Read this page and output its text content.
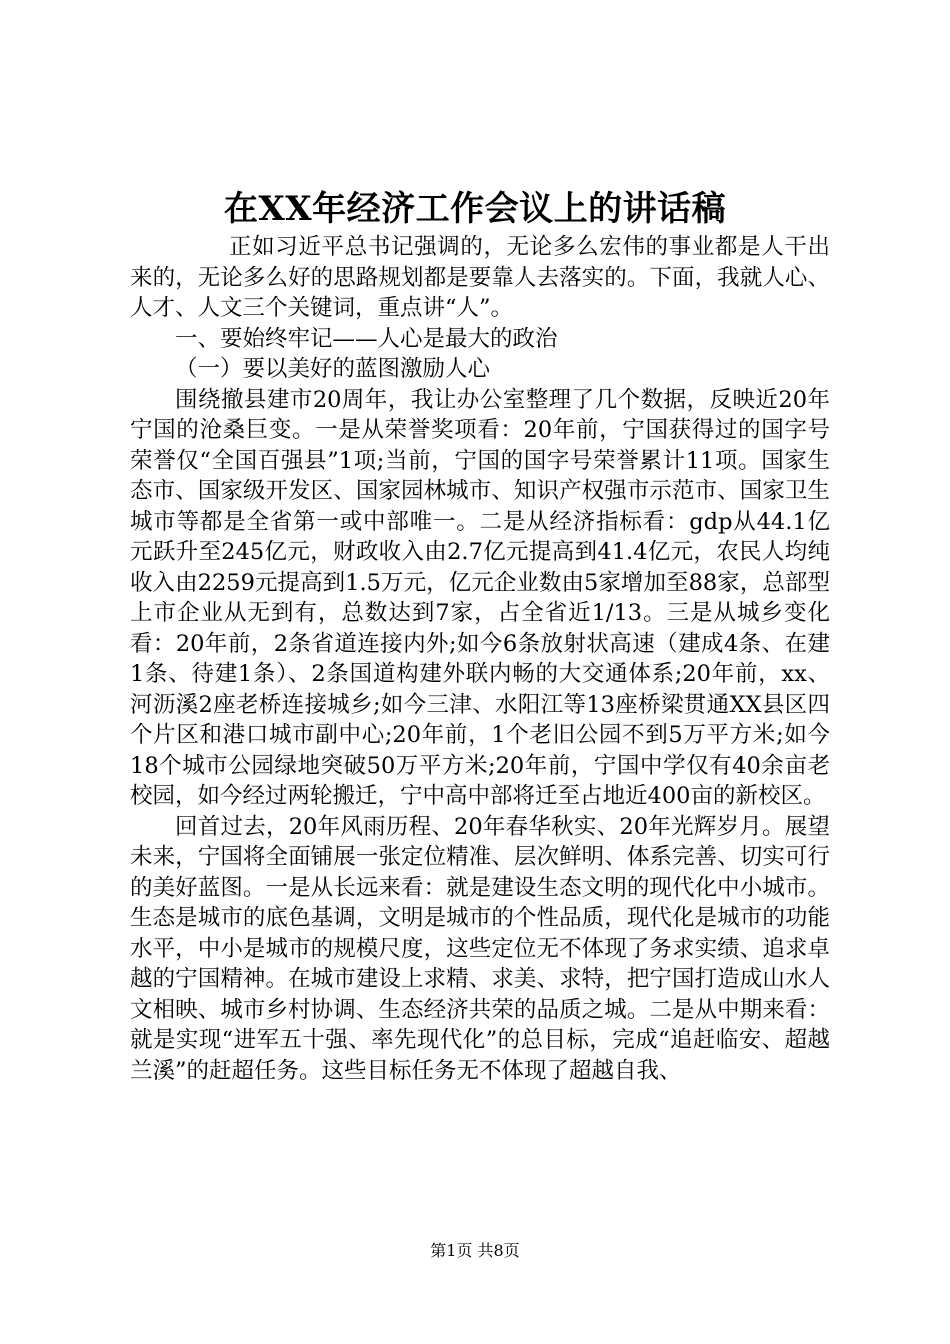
在XX年经济工作会议上的讲话稿

正如习近平总书记强调的，无论多么宏伟的事业都是人干出来的，无论多么好的思路规划都是要靠人去落实的。下面，我就人心、人才、人文三个关键词，重点讲“人”。

一、要始终牢记——人心是最大的政治

（一）要以美好的蓝图激励人心

围绕撤县建市20周年，我让办公室整理了几个数据，反映近20年宁国的沧桑巨变。一是从荣誉奖项看：20年前，宁国获得过的国字号荣誉仅“全国百强县”1项;当前，宁国的国字号荣誉累计11项。国家生态市、国家级开发区、国家园林城市、知识产权强市示范市、国家卫生城市等都是全省第一或中部唯一。二是从经济指标看：gdp从44.1亿元跃升至245亿元，财政收入由2.7亿元提高到41.4亿元，农民人均纯收入由2259元提高到1.5万元，亿元企业数由5家增加至88家，总部型上市企业从无到有，总数达到7家，占全省近1/13。三是从城乡变化看：20年前，2条省道连接内外;如今6条放射状高速（建成4条、在建1条、待建1条）、2条国道构建外联内畅的大交通体系;20年前，xx、河沥溪2座老桥连接城乡;如今三津、水阳江等13座桥梁贯通XX县区四个片区和港口城市副中心;20年前，1个老旧公园不到5万平方米;如今18个城市公园绿地突破50万平方米;20年前，宁国中学仅有40余亩老校园，如今经过两轮搬迁，宁中高中部将迁至占地近400亩的新校区。

回首过去，20年风雨历程、20年春华秋实、20年光辉岁月。展望未来，宁国将全面铺展一张定位精准、层次鲜明、体系完善、切实可行的美好蓝图。一是从长远来看：就是建设生态文明的现代化中小城市。生态是城市的底色基调，文明是城市的个性品质，现代化是城市的功能水平，中小是城市的规模尺度，这些定位无不体现了务求实绩、追求卓越的宁国精神。在城市建设上求精、求美、求特，把宁国打造成山水人文相映、城市乡村协调、生态经济共荣的品质之城。二是从中期来看：就是实现“进军五十强、率先现代化”的总目标，完成“追赶临安、超越兰溪”的赶超任务。这些目标任务无不体现了超越自我、

第1页 共8页
